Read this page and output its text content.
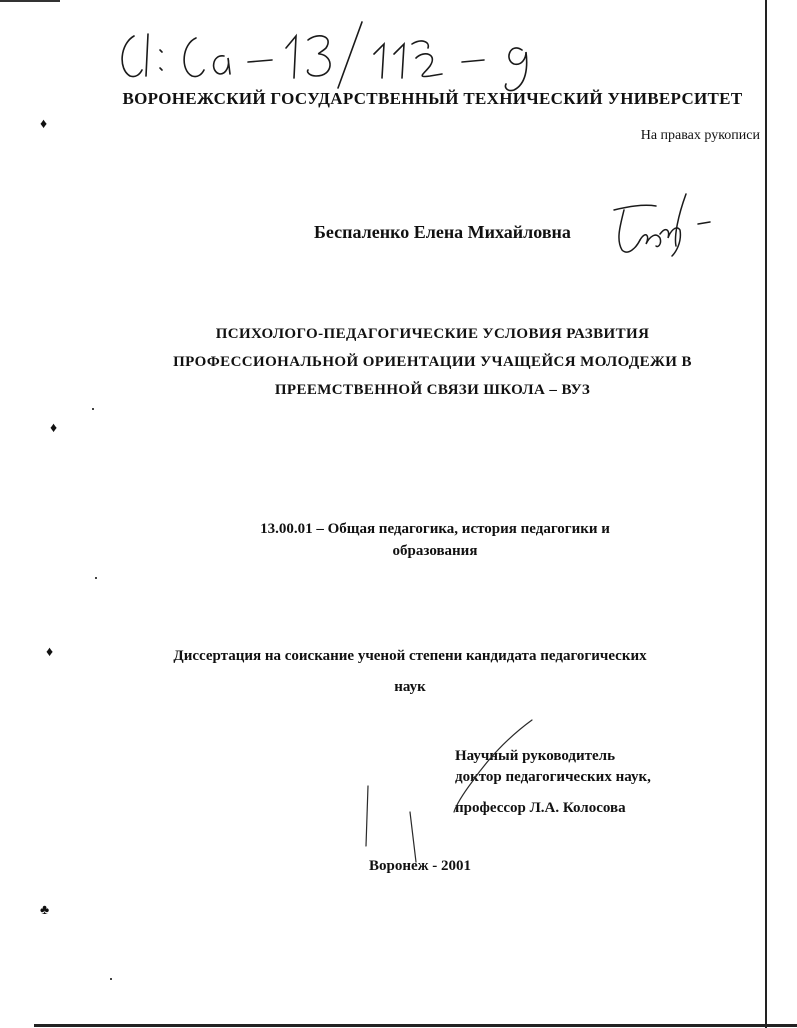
ВОРОНЕЖСКИЙ ГОСУДАРСТВЕННЫЙ ТЕХНИЧЕСКИЙ УНИВЕРСИТЕТ
На правах рукописи
Беспаленко Елена Михайловна
ПСИХОЛОГО-ПЕДАГОГИЧЕСКИЕ УСЛОВИЯ РАЗВИТИЯ
ПРОФЕССИОНАЛЬНОЙ ОРИЕНТАЦИИ УЧАЩЕЙСЯ МОЛОДЕЖИ В
ПРЕЕМСТВЕННОЙ СВЯЗИ ШКОЛА – ВУЗ
13.00.01 – Общая педагогика, история педагогики и
образования
Диссертация на соискание ученой степени кандидата педагогических
наук
Научный руководитель
доктор педагогических наук,
профессор Л.А. Колосова
Воронеж - 2001
♦
♦
♦
♣
